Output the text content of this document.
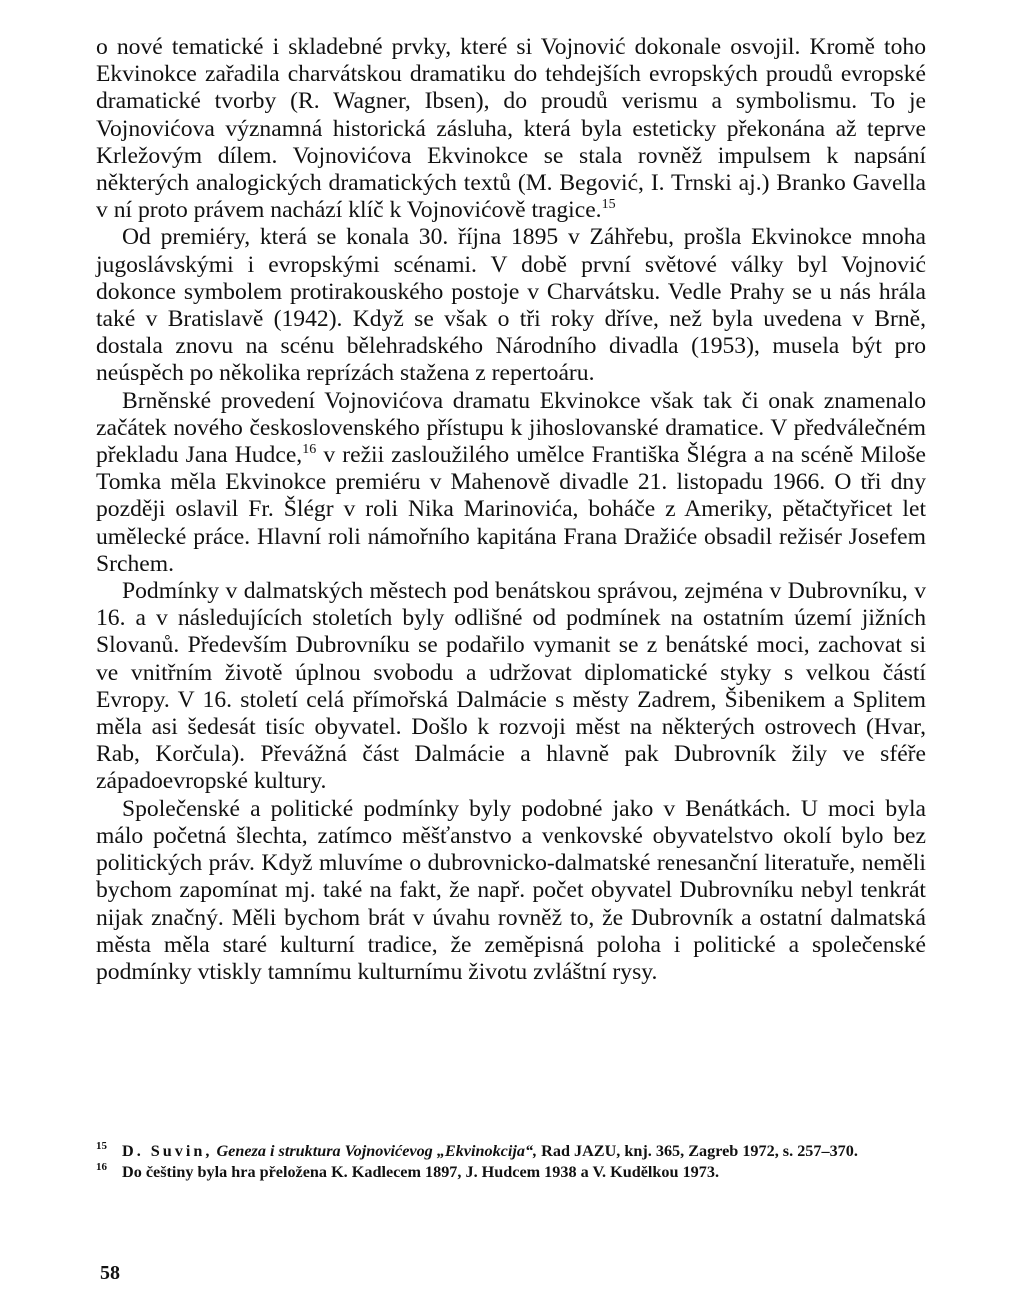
o nové tematické i skladebné prvky, které si Vojnović dokonale osvojil. Kromě toho Ekvinokce zařadila charvátskou dramatiku do tehdejších evropských proudů evropské dramatické tvorby (R. Wagner, Ibsen), do proudů verismu a symbolismu. To je Vojnovićova významná historická zásluha, která byla esteticky překonána až teprve Krležovým dílem. Vojnovićova Ekvinokce se stala rovněž impulsem k napsání některých analogických dramatických textů (M. Begović, I. Trnski aj.) Branko Gavella v ní proto právem nachází klíč k Vojnovićově tragice.$^{15}$

Od premiéry, která se konala 30. října 1895 v Záhřebu, prošla Ekvinokce mnoha jugoslávskými i evropskými scénami. V době první světové války byl Vojnović dokonce symbolem protirakouského postoje v Charvátsku. Vedle Prahy se u nás hrála také v Bratislavě (1942). Když se však o tři roky dříve, než byla uvedena v Brně, dostala znovu na scénu bělehradského Národního divadla (1953), musela být pro neúspěch po několika reprízách stažena z repertoáru.

Brněnské provedení Vojnovićova dramatu Ekvinokce však tak či onak znamenalo začátek nového československého přístupu k jihoslovanské dramatice. V předválečném překladu Jana Hudce,$^{16}$ v režii zasloužilého umělce Františka Šlégra a na scéně Miloše Tomka měla Ekvinokce premiéru v Mahenově divadle 21. listopadu 1966. O tři dny později oslavil Fr. Šlégr v roli Nika Marinovića, boháče z Ameriky, pětačtyřicet let umělecké práce. Hlavní roli námořního kapitána Frana Dražiće obsadil režisér Josefem Srchem.

Podmínky v dalmatských městech pod benátskou správou, zejména v Dubrovníku, v 16. a v následujících stoletích byly odlišné od podmínek na ostatním území jižních Slovanů. Především Dubrovníku se podařilo vymanit se z benátské moci, zachovat si ve vnitřním životě úplnou svobodu a udržovat diplomatické styky s velkou částí Evropy. V 16. století celá přímořská Dalmácie s městy Zadrem, Šibenikem a Splitem měla asi šedesát tisíc obyvatel. Došlo k rozvoji měst na některých ostrovech (Hvar, Rab, Korčula). Převážná část Dalmácie a hlavně pak Dubrovník žily ve sféře západoevropské kultury.

Společenské a politické podmínky byly podobné jako v Benátkách. U moci byla málo početná šlechta, zatímco měšťanstvo a venkovské obyvatelstvo okolí bylo bez politických práv. Když mluvíme o dubrovnicko-dalmatské renesanční literatuře, neměli bychom zapomínat mj. také na fakt, že např. počet obyvatel Dubrovníku nebyl tenkrát nijak značný. Měli bychom brát v úvahu rovněž to, že Dubrovník a ostatní dalmatská města měla staré kulturní tradice, že zeměpisná poloha i politické a společenské podmínky vtiskly tamnímu kulturnímu životu zvláštní rysy.

15 D. Suvin, Geneza i struktura Vojnovićevog „Ekvinokcija“, Rad JAZU, knj. 365, Zagreb 1972, s. 257–370.
16 Do češtiny byla hra přeložena K. Kadlecem 1897, J. Hudcem 1938 a V. Kudělkou 1973.
58
